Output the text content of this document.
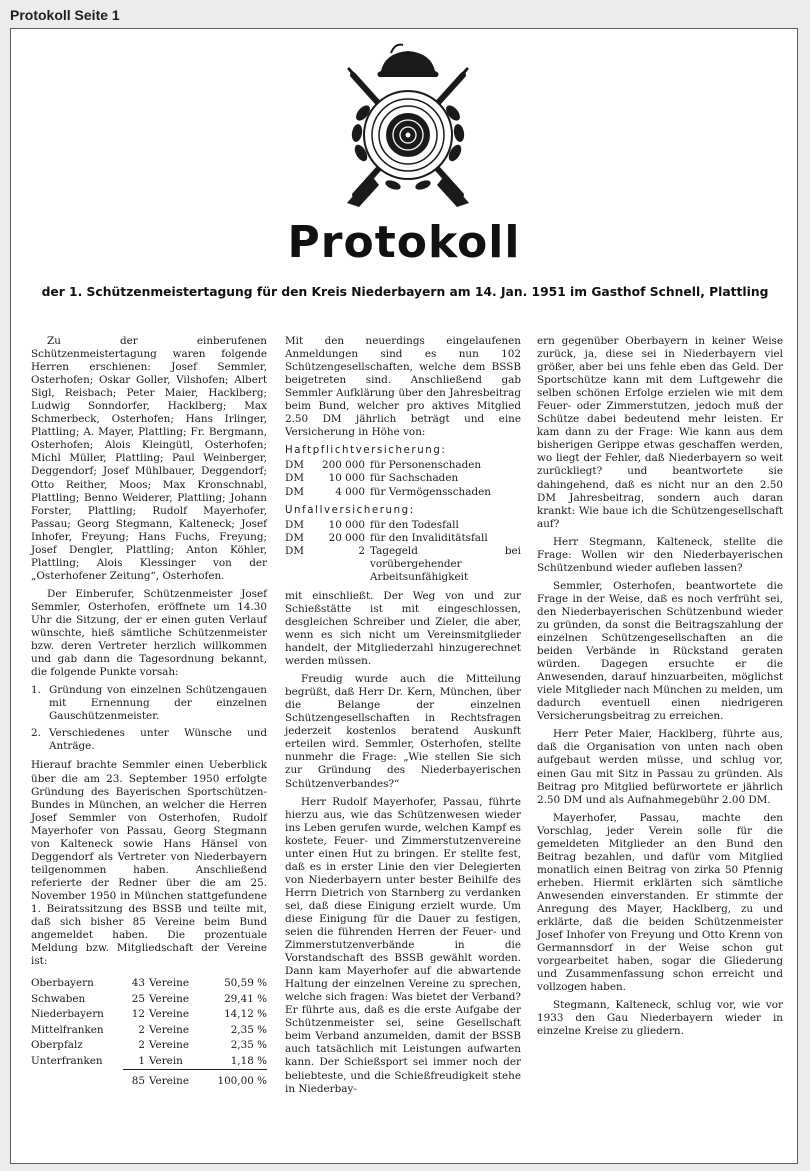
Protokoll Seite 1
Protokoll
der 1. Schützenmeistertagung für den Kreis Niederbayern am 14. Jan. 1951 im Gasthof Schnell, Plattling

Zu der einberufenen Schützenmeistertagung waren folgende Herren erschienen: Josef Semmler, Osterhofen; Oskar Goller, Vilshofen; Albert Sigl, Reisbach; Peter Maier, Hacklberg; Ludwig Sonndorfer, Hacklberg; Max Schmerbeck, Osterhofen; Hans Irlinger, Plattling; A. Mayer, Plattling; Fr. Bergmann, Osterhofen; Alois Kleingütl, Osterhofen; Michl Müller, Plattling; Paul Weinberger, Deggendorf; Josef Mühlbauer, Deggendorf; Otto Reither, Moos; Max Kronschnabl, Plattling; Benno Weiderer, Plattling; Johann Forster, Plattling; Rudolf Mayerhofer, Passau; Georg Stegmann, Kalteneck; Josef Inhofer, Freyung; Hans Fuchs, Freyung; Josef Dengler, Plattling; Anton Köhler, Plattling; Alois Klessinger von der „Osterhofener Zeitung“, Osterhofen.

Der Einberufer, Schützenmeister Josef Semmler, Osterhofen, eröffnete um 14.30 Uhr die Sitzung, der er einen guten Verlauf wünschte, hieß sämtliche Schützenmeister bzw. deren Vertreter herzlich willkommen und gab dann die Tagesordnung bekannt, die folgende Punkte vorsah:

1. Gründung von einzelnen Schützengauen mit Ernennung der einzelnen Gauschützenmeister.
2. Verschiedenes unter Wünsche und Anträge.

Hierauf brachte Semmler einen Ueberblick über die am 23. September 1950 erfolgte Gründung des Bayerischen Sportschützen-Bundes in München, an welcher die Herren Josef Semmler von Osterhofen, Rudolf Mayerhofer von Passau, Georg Stegmann von Kalteneck sowie Hans Hänsel von Deggendorf als Vertreter von Niederbayern teilgenommen haben. Anschließend referierte der Redner über die am 25. November 1950 in München stattgefundene 1. Beiratssitzung des BSSB und teilte mit, daß sich bisher 85 Vereine beim Bund angemeldet haben. Die prozentuale Meldung bzw. Mitgliedschaft der Vereine ist:

Oberbayern	43	Vereine	50,59 %
Schwaben	25	Vereine	29,41 %
Niederbayern	12	Vereine	14,12 %
Mittelfranken	2	Vereine	2,35 %
Oberpfalz	2	Vereine	2,35 %
Unterfranken	1	Verein	1,18 %
	85	Vereine	100,00 %

Mit den neuerdings eingelaufenen Anmeldungen sind es nun 102 Schützengesellschaften, welche dem BSSB beigetreten sind. Anschließend gab Semmler Aufklärung über den Jahresbeitrag beim Bund, welcher pro aktives Mitglied 2.50 DM jährlich beträgt und eine Versicherung in Höhe von:

Haftpflichtversicherung:
DM	200 000 für Personenschaden
DM	10 000 für Sachschaden
DM	4 000 für Vermögensschaden
Unfallversicherung:
DM	10 000 für den Todesfall
DM	20 000 für den Invaliditätsfall
DM	2 Tagegeld bei vorübergehender Arbeitsunfähigkeit

mit einschließt. Der Weg von und zur Schießstätte ist mit eingeschlossen, desgleichen Schreiber und Zieler, die aber, wenn es sich nicht um Vereinsmitglieder handelt, der Mitgliederzahl hinzugerechnet werden müssen.

Freudig wurde auch die Mitteilung begrüßt, daß Herr Dr. Kern, München, über die Belange der einzelnen Schützengesellschaften in Rechtsfragen jederzeit kostenlos beratend Auskunft erteilen wird. Semmler, Osterhofen, stellte nunmehr die Frage: „Wie stellen Sie sich zur Gründung des Niederbayerischen Schützenverbandes?“

Herr Rudolf Mayerhofer, Passau, führte hierzu aus, wie das Schützenwesen wieder ins Leben gerufen wurde, welchen Kampf es kostete, Feuer- und Zimmerstutzenvereine unter einen Hut zu bringen. Er stellte fest, daß es in erster Linie den vier Delegierten von Niederbayern unter bester Beihilfe des Herrn Dietrich von Starnberg zu verdanken sei, daß diese Einigung erzielt wurde. Um diese Einigung für die Dauer zu festigen, seien die führenden Herren der Feuer- und Zimmerstutzenverbände in die Vorstandschaft des BSSB gewählt worden. Dann kam Mayerhofer auf die abwartende Haltung der einzelnen Vereine zu sprechen, welche sich fragen: Was bietet der Verband? Er führte aus, daß es die erste Aufgabe der Schützenmeister sei, seine Gesellschaft beim Verband anzumelden, damit der BSSB auch tatsächlich mit Leistungen aufwarten kann. Der Schießsport sei immer noch der beliebteste, und die Schießfreudigkeit stehe in Niederbay-

ern gegenüber Oberbayern in keiner Weise zurück, ja, diese sei in Niederbayern viel größer, aber bei uns fehle eben das Geld. Der Sportschütze kann mit dem Luftgewehr die selben schönen Erfolge erzielen wie mit dem Feuer- oder Zimmerstutzen, jedoch muß der Schütze dabei bedeutend mehr leisten. Er kam dann zu der Frage: Wie kann aus dem bisherigen Gerippe etwas geschaffen werden, wo liegt der Fehler, daß Niederbayern so weit zurückliegt? und beantwortete sie dahingehend, daß es nicht nur an den 2.50 DM Jahresbeitrag, sondern auch daran krankt: Wie baue ich die Schützengesellschaft auf?

Herr Stegmann, Kalteneck, stellte die Frage: Wollen wir den Niederbayerischen Schützenbund wieder aufleben lassen?

Semmler, Osterhofen, beantwortete die Frage in der Weise, daß es noch verfrüht sei, den Niederbayerischen Schützenbund wieder zu gründen, da sonst die Beitragszahlung der einzelnen Schützengesellschaften an die beiden Verbände in Rückstand geraten würden. Dagegen ersuchte er die Anwesenden, darauf hinzuarbeiten, möglichst viele Mitglieder nach München zu melden, um dadurch eventuell einen niedrigeren Versicherungsbeitrag zu erreichen.

Herr Peter Maier, Hacklberg, führte aus, daß die Organisation von unten nach oben aufgebaut werden müsse, und schlug vor, einen Gau mit Sitz in Passau zu gründen. Als Beitrag pro Mitglied befürwortete er jährlich 2.50 DM und als Aufnahmegebühr 2.00 DM.

Mayerhofer, Passau, machte den Vorschlag, jeder Verein solle für die gemeldeten Mitglieder an den Bund den Beitrag bezahlen, und dafür vom Mitglied monatlich einen Beitrag von zirka 50 Pfennig erheben. Hiermit erklärten sich sämtliche Anwesenden einverstanden. Er stimmte der Anregung des Mayer, Hacklberg, zu und erklärte, daß die beiden Schützenmeister Josef Inhofer von Freyung und Otto Krenn von Germannsdorf in der Weise schon gut vorgearbeitet haben, sogar die Gliederung und Zusammenfassung schon erreicht und vollzogen haben.

Stegmann, Kalteneck, schlug vor, wie vor 1933 den Gau Niederbayern wieder in einzelne Kreise zu gliedern.
